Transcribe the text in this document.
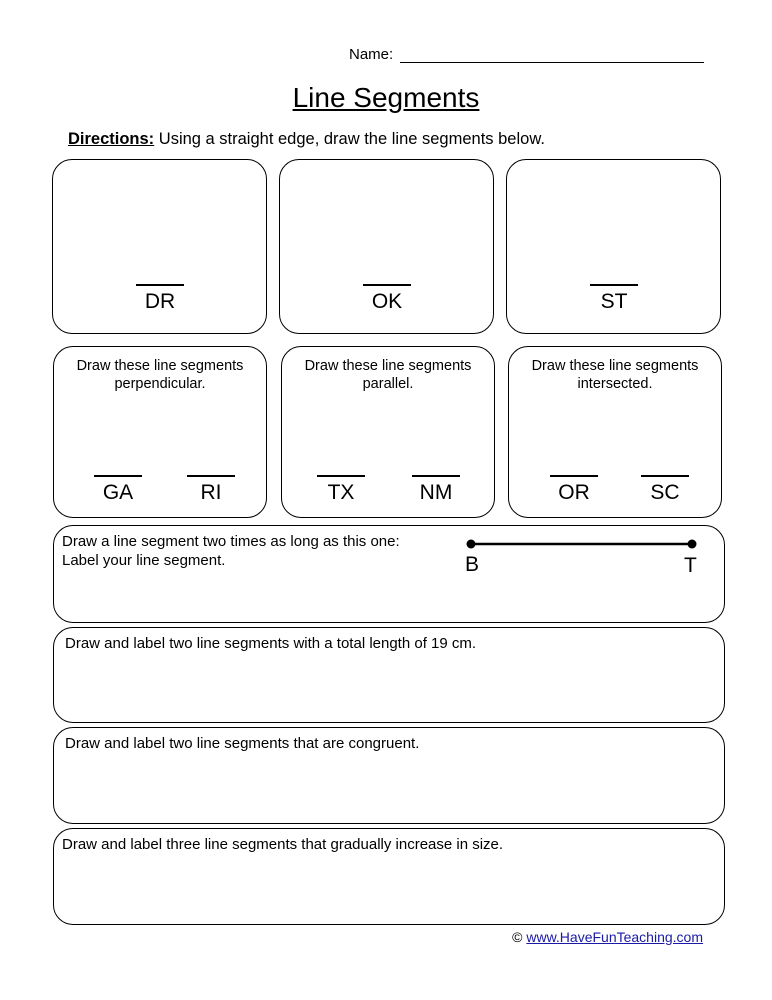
Name:
Line Segments
Directions: Using a straight edge, draw the line segments below.
DR	OK	ST
Draw these line segments perpendicular.
GA	RI
Draw these line segments parallel.
TX	NM
Draw these line segments intersected.
OR	SC
Draw a line segment two times as long as this one:
Label your line segment.	B	T
Draw and label two line segments with a total length of 19 cm.
Draw and label two line segments that are congruent.
Draw and label three line segments that gradually increase in size.
© www.HaveFunTeaching.com
